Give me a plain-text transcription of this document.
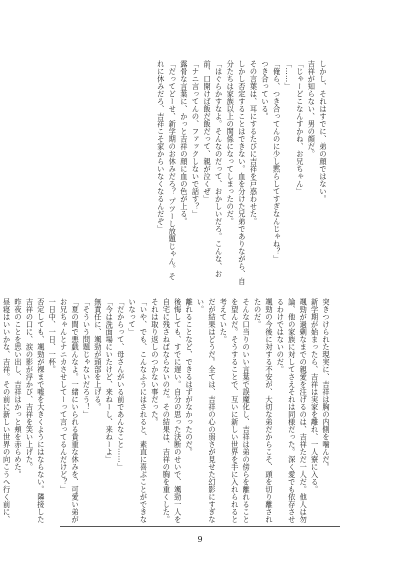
しかし、それはすでに、弟の顔ではない。
吉祥が知らない、男の顔だ。
「じゃーどこなんすかね、お兄ちゃん」
「……」
「俺ら、つき合ってんのに少し黙らしてすぎなんじゃね？」
つき合っている。
その言葉は、耳にするたびに吉祥を戸惑わせた。
しかし否定することはできない。血を分けた兄弟でありながら、自分たちは家族以上の関係になってしまったのだ。
「はぐらかすなよ。そんなのだって、おかしいだろ。こんな、お前、口開けば飯だ飯だって、親が泣くぜ」
「ナニ言ってんの、ファックしないで話す？」
露骨な言葉に、かっと吉祥の顔に血の色が上る。
「だってどーせ、新学期のお休みだろ？ プツーし放題じゃん。それに休みだろ、吉祥こそ家からいなくなるんだぞ」
突きつけられた現実に、吉祥は胸の内側を噛んだ。
新学期が始まったら、吉祥は実家を離れ、一人寮に入る。
颯勁が過剰なまでの親愛を注げるのは、吉祥ただ一人だ。他人は勿論、他の家族に対してさえそれは同様だった。深く愛でも依存させるわけではないのだ。
颯勁の今後に対する不安が、大切な弟だからこそ、頭を切り離されたのだ。
そんな口当りのいい言葉で誤魔化し、吉祥は弟の傍らを離れることを望んだ。そうすることで、互いに新しい世界を手に入れられると考えていた。
だが結果はどうだ。全ては、吉祥の心の弱さが見せた幻影にすぎない。
離れることなど、できるはずがなかったのだ。
後悔しても、すでに遅い。自分の思った決断のせいで、颯勁一人を自宅に残さねばならないのだ。その結果は、吉祥の胸を重くした。それは取り返しのつかない事だった。
「いや、でも、こんなふうにはされると、素直に喜ぶことができないなって」
「だからって、母さんがいる前であんなこと……」
「今は洗面場にいたけど、来ねーし、来ねーよ」
無責任に、颯勁が頭部を上げる。
「そういう問題じゃないだろう！」
「夏の間で悪戯んなよ。一緒にいられる貴重な休みを、可愛い弟がお兄ちゃんとナニカさせしてーって言ってるんだけど？」
一日中、一日、一杯。
否定しても、颯勁が裸まで嘘を大きくようにはならない。隣接した吉祥の口に、涙の影が浮かび、吉祥を笑い上げた。
昨夜のことを思い出し、吉祥はかっと頬を赤らめた。
昼寝はいいかな、吉祥。その前に新しい世界の向こうへ行く前に、
9
